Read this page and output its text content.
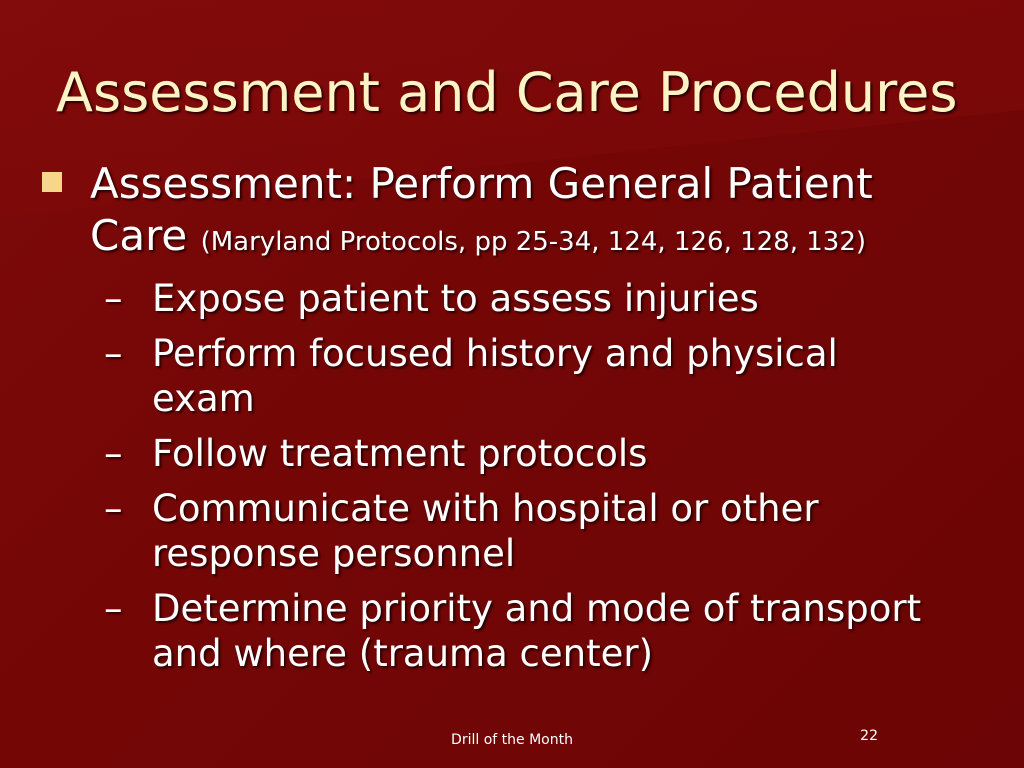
Assessment and Care Procedures
Assessment: Perform General Patient Care (Maryland Protocols, pp 25-34, 124, 126, 128, 132)
– Expose patient to assess injuries
– Perform focused history and physical exam
– Follow treatment protocols
– Communicate with hospital or other response personnel
– Determine priority and mode of transport and where (trauma center)
Drill of the Month	22
